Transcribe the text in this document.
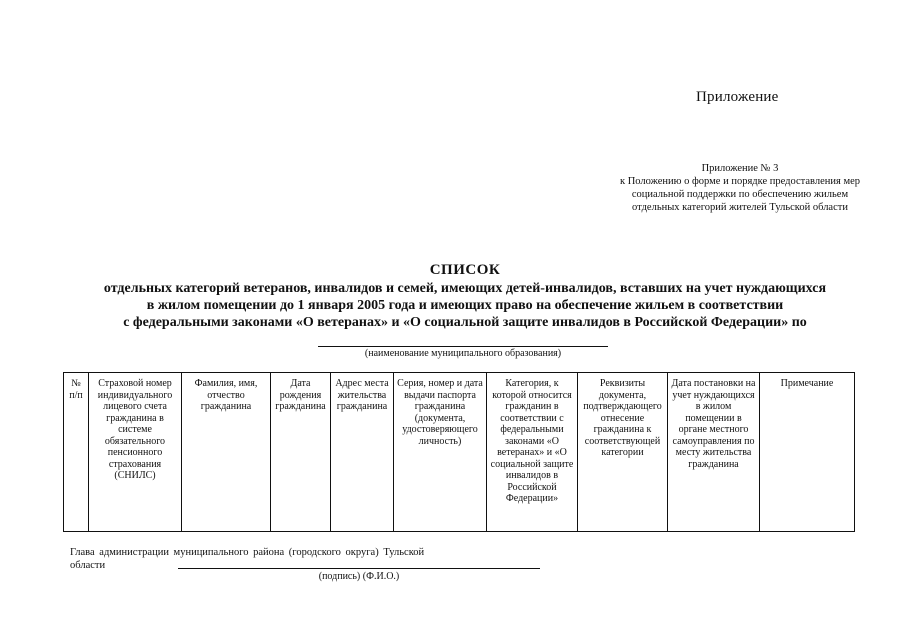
Приложение
Приложение № 3
к Положению о форме и порядке предоставления мер
социальной поддержки по обеспечению жильем
отдельных категорий жителей Тульской области
СПИСОК
отдельных категорий ветеранов, инвалидов и семей, имеющих детей-инвалидов, вставших на учет нуждающихся
в жилом помещении до 1 января 2005 года и имеющих право на обеспечение жильем в соответствии
с федеральными законами «О ветеранах» и «О социальной защите инвалидов в Российской Федерации» по
(наименование муниципального образования)
№ п/п	Страховой номер индивидуального лицевого счета гражданина в системе обязательного пенсионного страхования (СНИЛС)	Фамилия, имя, отчество гражданина	Дата рождения гражданина	Адрес места жительства гражданина	Серия, номер и дата выдачи паспорта гражданина (документа, удостоверяющего личность)	Категория, к которой относится гражданин в соответствии с федеральными законами «О ветеранах» и «О социальной защите инвалидов в Российской Федерации»	Реквизиты документа, подтверждающего отнесение гражданина к соответствующей категории	Дата постановки на учет нуждающихся в жилом помещении в органе местного самоуправления по месту жительства гражданина	Примечание
Глава администрации муниципального района (городского округа) Тульской
области
(подпись) (Ф.И.О.)
